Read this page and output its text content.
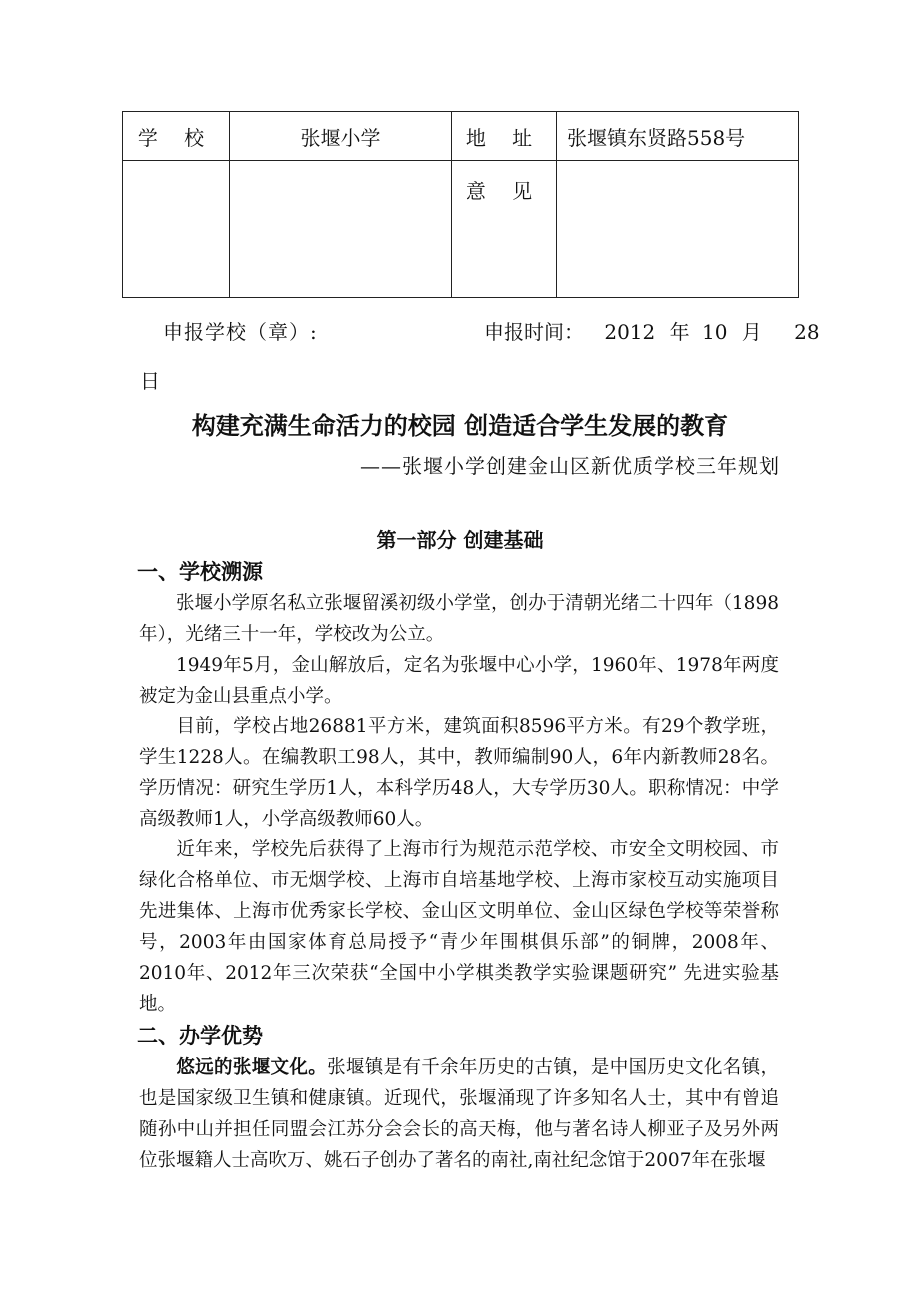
学 校	张堰小学	地 址	张堰镇东贤路558号
		意 见	
申报学校（章）:	申报时间： 2012 年 10 月 28
日
构建充满生命活力的校园 创造适合学生发展的教育
——张堰小学创建金山区新优质学校三年规划
第一部分 创建基础
一、学校溯源

张堰小学原名私立张堰留溪初级小学堂，创办于清朝光绪二十四年（1898年），光绪三十一年，学校改为公立。

1949年5月，金山解放后，定名为张堰中心小学，1960年、1978年两度被定为金山县重点小学。

目前，学校占地26881平方米，建筑面积8596平方米。有29个教学班，学生1228人。在编教职工98人，其中，教师编制90人，6年内新教师28名。学历情况：研究生学历1人，本科学历48人，大专学历30人。职称情况：中学高级教师1人，小学高级教师60人。

近年来，学校先后获得了上海市行为规范示范学校、市安全文明校园、市绿化合格单位、市无烟学校、上海市自培基地学校、上海市家校互动实施项目先进集体、上海市优秀家长学校、金山区文明单位、金山区绿色学校等荣誉称号，2003年由国家体育总局授予“青少年围棋俱乐部”的铜牌，2008年、2010年、2012年三次荣获“全国中小学棋类教学实验课题研究” 先进实验基地。

二、办学优势

悠远的张堰文化。张堰镇是有千余年历史的古镇，是中国历史文化名镇，也是国家级卫生镇和健康镇。近现代，张堰涌现了许多知名人士，其中有曾追随孙中山并担任同盟会江苏分会会长的高天梅，他与著名诗人柳亚子及另外两位张堰籍人士高吹万、姚石子创办了著名的南社,南社纪念馆于2007年在张堰
